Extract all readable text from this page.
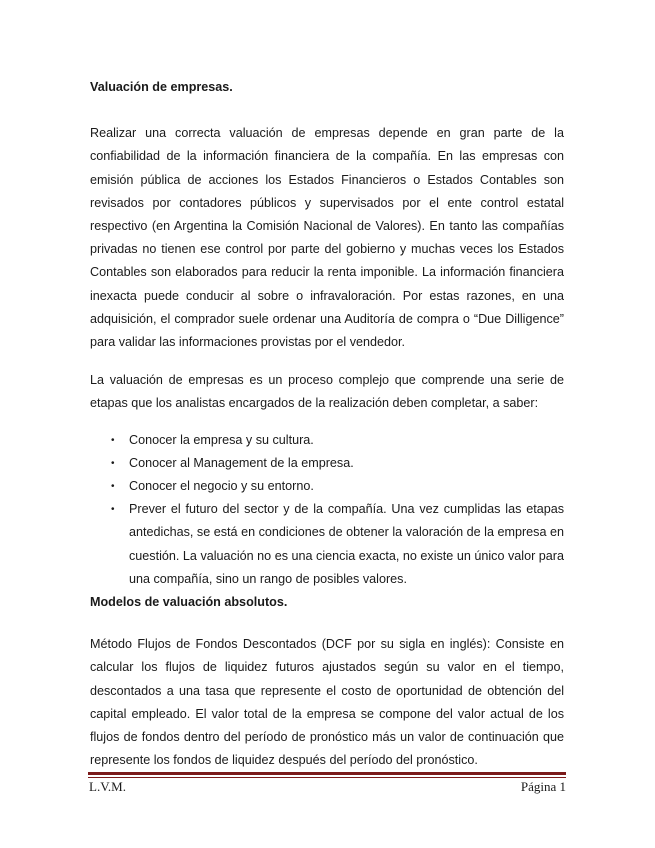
Valuación de empresas.

Realizar una correcta valuación de empresas depende en gran parte de la confiabilidad de la información financiera de la compañía. En las empresas con emisión pública de acciones los Estados Financieros o Estados Contables son revisados por contadores públicos y supervisados por el ente control estatal respectivo (en Argentina la Comisión Nacional de Valores). En tanto las compañías privadas no tienen ese control por parte del gobierno y muchas veces los Estados Contables son elaborados para reducir la renta imponible. La información financiera inexacta puede conducir al sobre o infravaloración. Por estas razones, en una adquisición, el comprador suele ordenar una Auditoría de compra o “Due Dilligence” para validar las informaciones provistas por el vendedor.

La valuación de empresas es un proceso complejo que comprende una serie de etapas que los analistas encargados de la realización deben completar, a saber:

• Conocer la empresa y su cultura.
• Conocer al Management de la empresa.
• Conocer el negocio y su entorno.
• Prever el futuro del sector y de la compañía. Una vez cumplidas las etapas antedichas, se está en condiciones de obtener la valoración de la empresa en cuestión. La valuación no es una ciencia exacta, no existe un único valor para una compañía, sino un rango de posibles valores.

Modelos de valuación absolutos.

Método Flujos de Fondos Descontados (DCF por su sigla en inglés): Consiste en calcular los flujos de liquidez futuros ajustados según su valor en el tiempo, descontados a una tasa que represente el costo de oportunidad de obtención del capital empleado. El valor total de la empresa se compone del valor actual de los flujos de fondos dentro del período de pronóstico más un valor de continuación que represente los fondos de liquidez después del período del pronóstico.

L.V.M.	Página 1
